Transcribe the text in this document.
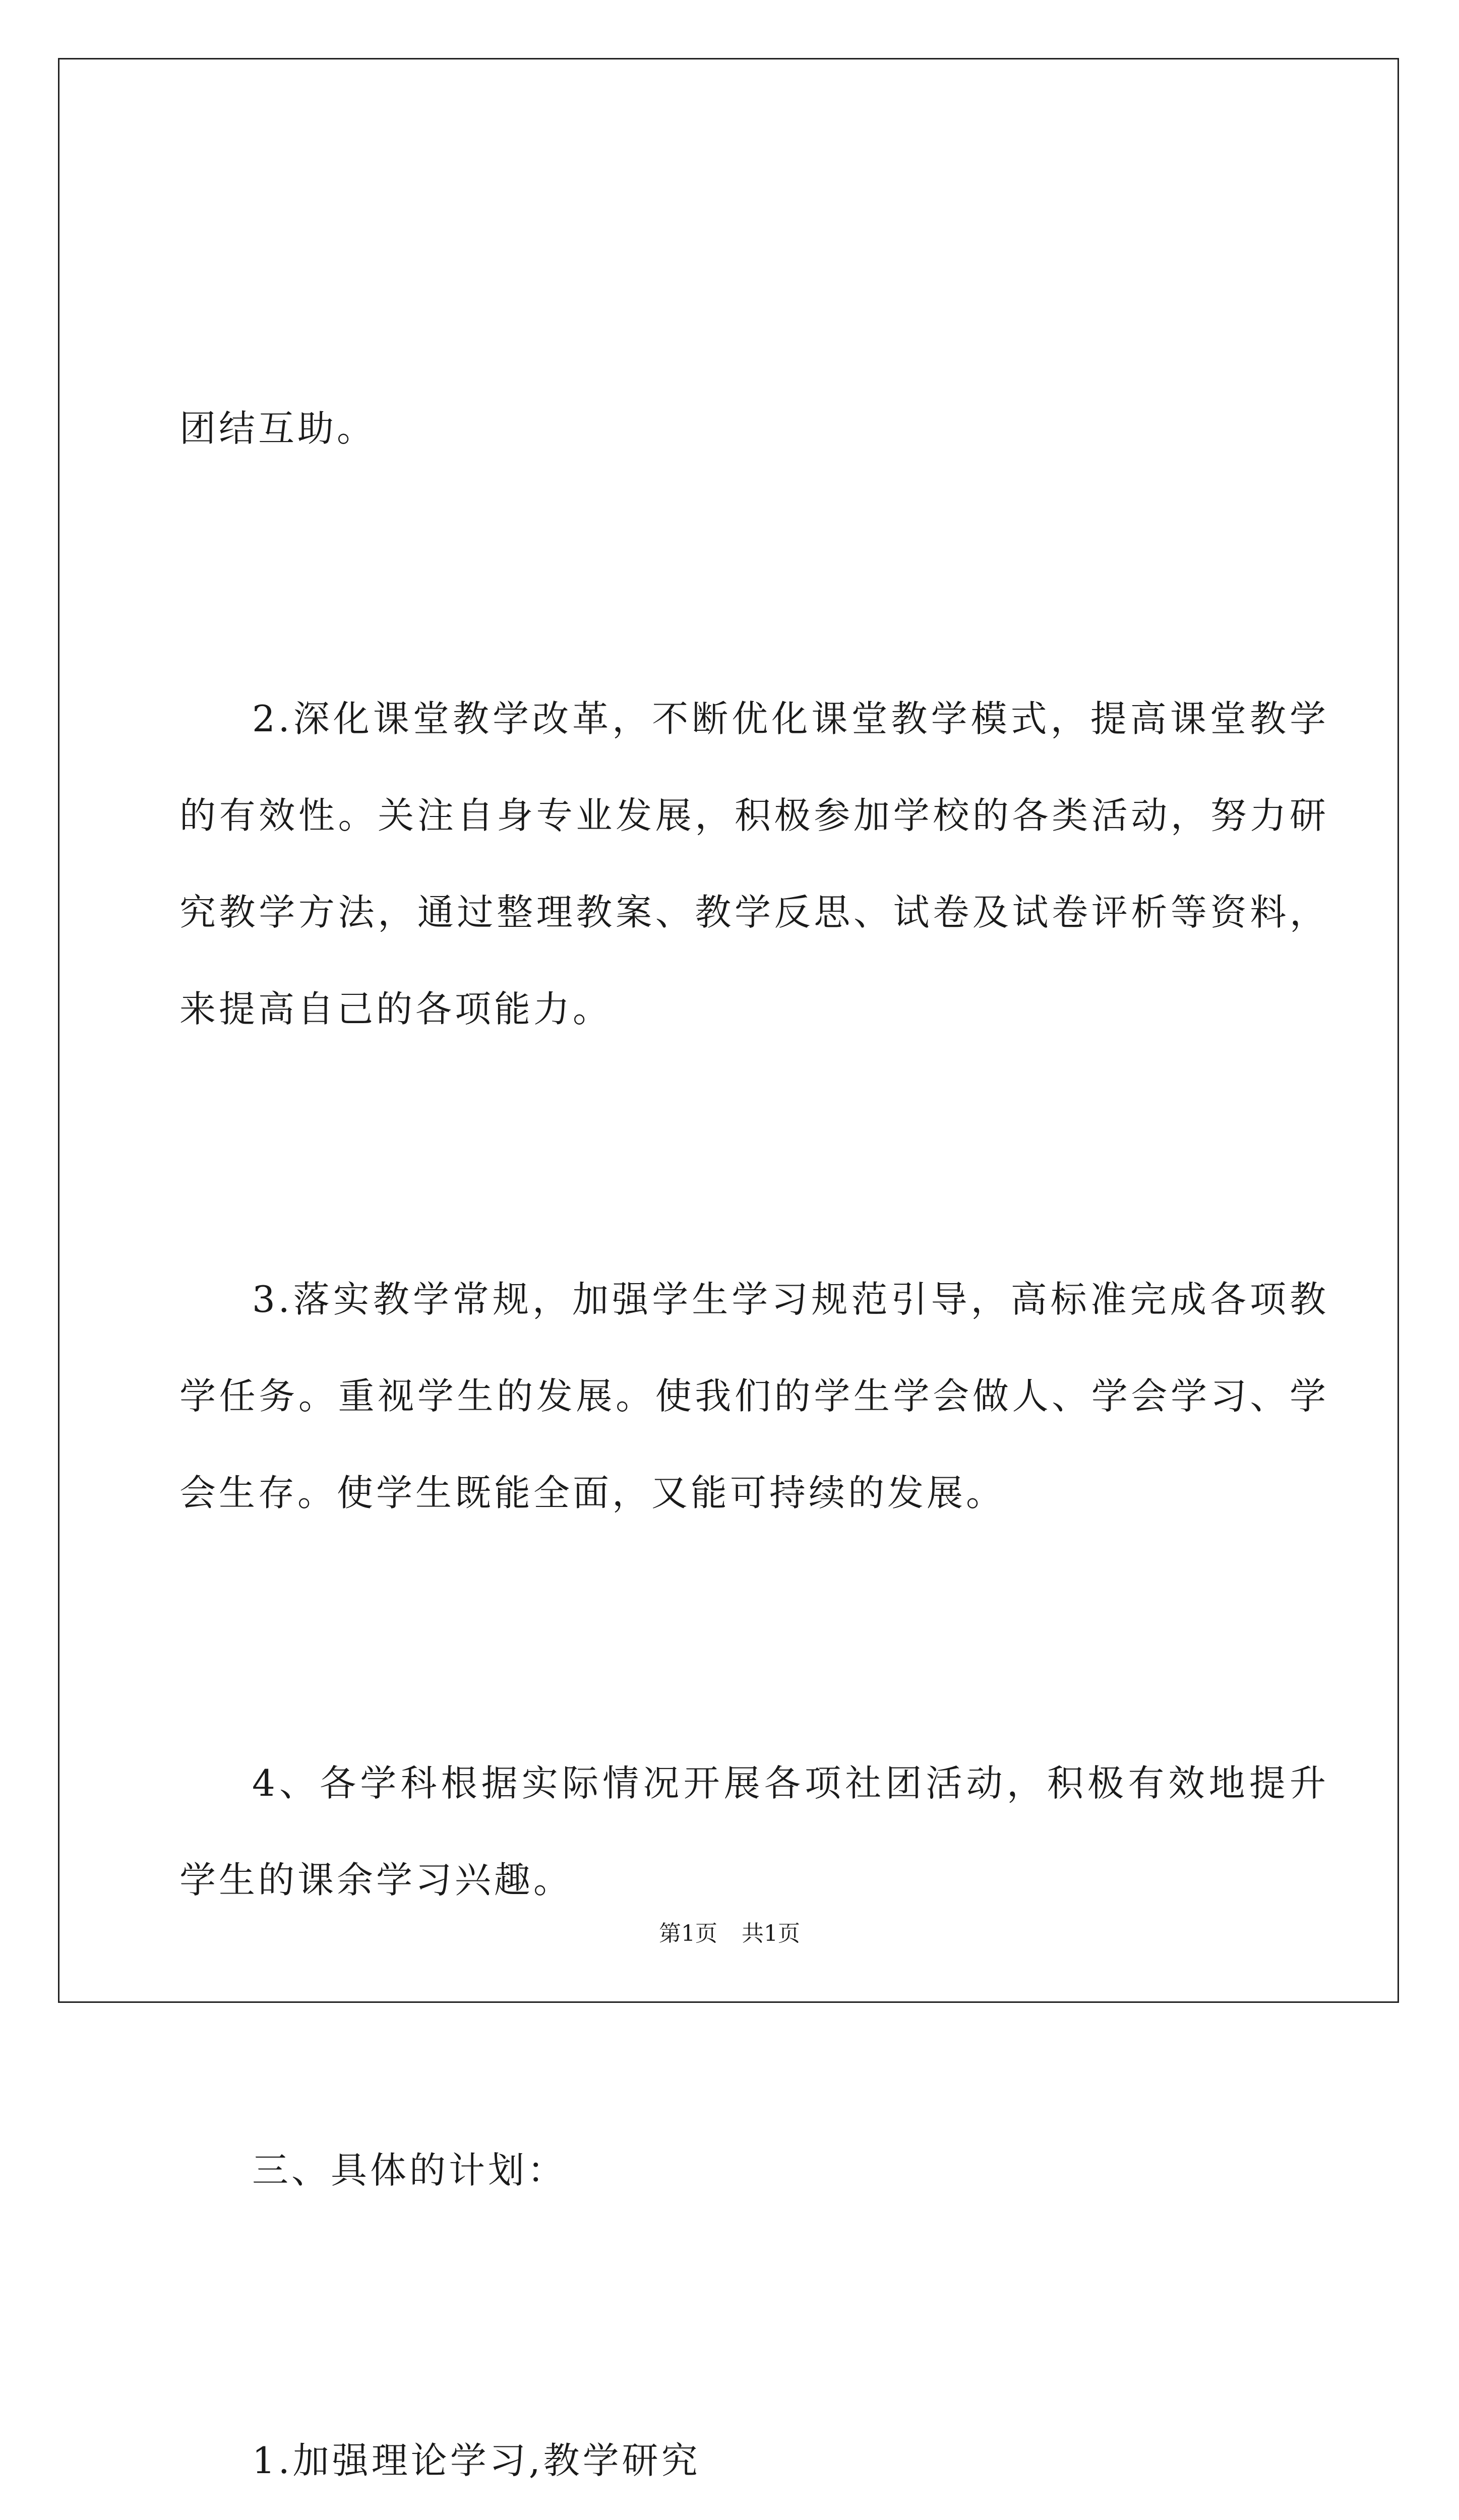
团结互助。

2.深化课堂教学改革，不断优化课堂教学模式，提高课堂教学的有效性。关注自身专业发展，积极参加学校的各类活动，努力研究教学方法，通过整理教案、教学反思、试卷及试卷评析等资料，来提高自己的各项能力。

3.落实教学常规，加强学生学习规范引导，高标准完成各项教学任务。重视学生的发展。使我们的学生学会做人、学会学习、学会生存。使学生既能全面，又能可持续的发展。

4、各学科根据实际情况开展各项社团活动，积极有效地提升学生的课余学习兴趣。

三、具体的计划：

1.加强理论学习,教学研究

第1页 共1页
